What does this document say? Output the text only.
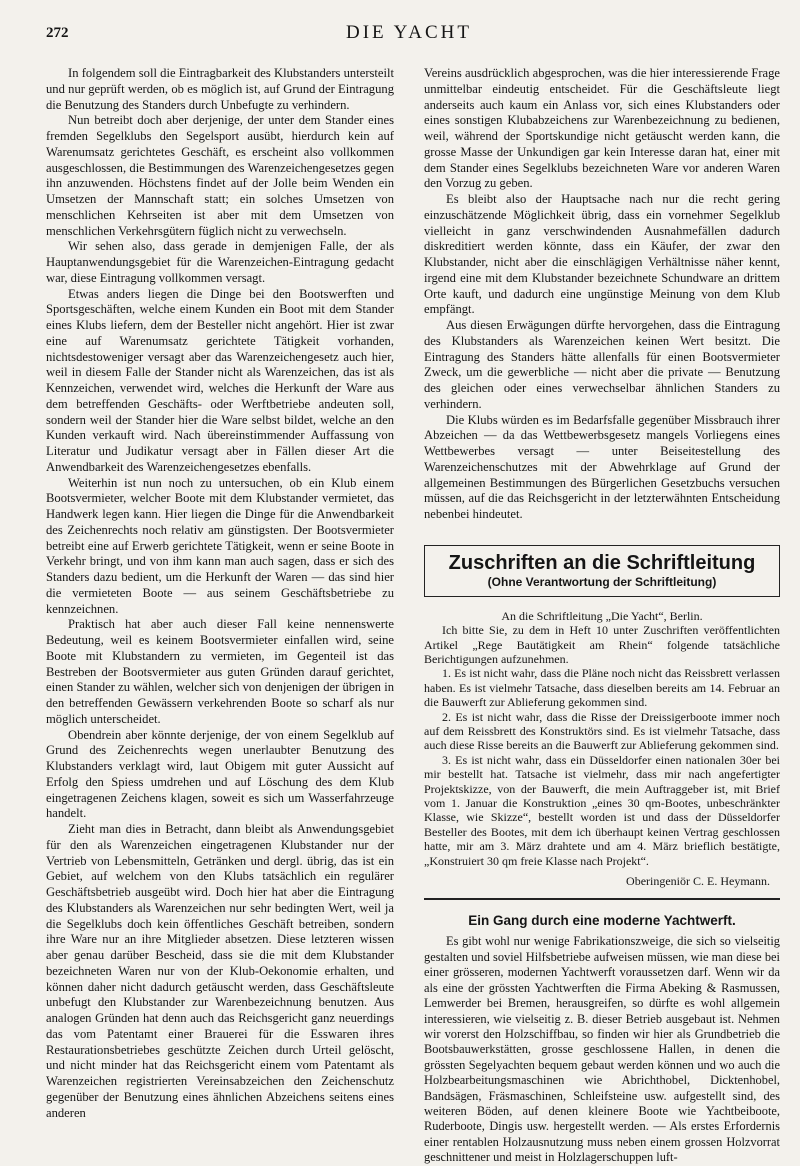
272	DIE YACHT

In folgendem soll die Eintragbarkeit des Klubstanders untersteilt und nur geprüft werden, ob es möglich ist, auf Grund der Eintragung die Benutzung des Standers durch Unbefugte zu verhindern.

Nun betreibt doch aber derjenige, der unter dem Stander eines fremden Segelklubs den Segelsport ausübt, hierdurch kein auf Warenumsatz gerichtetes Geschäft, es erscheint also vollkommen ausgeschlossen, die Bestimmungen des Warenzeichengesetzes gegen ihn anzuwenden. Höchstens findet auf der Jolle beim Wenden ein Umsetzen der Mannschaft statt; ein solches Umsetzen von menschlichen Kehrseiten ist aber mit dem Umsetzen von menschlichen Verkehrsgütern füglich nicht zu verwechseln.

Wir sehen also, dass gerade in demjenigen Falle, der als Hauptanwendungsgebiet für die Warenzeichen-Eintragung gedacht war, diese Eintragung vollkommen versagt.

Etwas anders liegen die Dinge bei den Bootswerften und Sportsgeschäften, welche einem Kunden ein Boot mit dem Stander eines Klubs liefern, dem der Besteller nicht angehört. Hier ist zwar eine auf Warenumsatz gerichtete Tätigkeit vorhanden, nichtsdestoweniger versagt aber das Warenzeichengesetz auch hier, weil in diesem Falle der Stander nicht als Warenzeichen, das ist als Kennzeichen, verwendet wird, welches die Herkunft der Ware aus dem betreffenden Geschäfts- oder Werftbetriebe andeuten soll, sondern weil der Stander hier die Ware selbst bildet, welche an den Kunden verkauft wird. Nach übereinstimmender Auffassung von Literatur und Judikatur versagt aber in Fällen dieser Art die Anwendbarkeit des Warenzeichengesetzes ebenfalls.

Weiterhin ist nun noch zu untersuchen, ob ein Klub einem Bootsvermieter, welcher Boote mit dem Klubstander vermietet, das Handwerk legen kann. Hier liegen die Dinge für die Anwendbarkeit des Zeichenrechts noch relativ am günstigsten. Der Bootsvermieter betreibt eine auf Erwerb gerichtete Tätigkeit, wenn er seine Boote in Verkehr bringt, und von ihm kann man auch sagen, dass er sich des Standers dazu bedient, um die Herkunft der Waren — das sind hier die vermieteten Boote — aus seinem Geschäftsbetriebe zu kennzeichnen.

Praktisch hat aber auch dieser Fall keine nennenswerte Bedeutung, weil es keinem Bootsvermieter einfallen wird, seine Boote mit Klubstandern zu vermieten, im Gegenteil ist das Bestreben der Bootsvermieter aus guten Gründen darauf gerichtet, einen Stander zu wählen, welcher sich von denjenigen der übrigen in den betreffenden Gewässern verkehrenden Boote so scharf als nur möglich unterscheidet.

Obendrein aber könnte derjenige, der von einem Segelklub auf Grund des Zeichenrechts wegen unerlaubter Benutzung des Klubstanders verklagt wird, laut Obigem mit guter Aussicht auf Erfolg den Spiess umdrehen und auf Löschung des dem Klub eingetragenen Zeichens klagen, soweit es sich um Wasserfahrzeuge handelt.

Zieht man dies in Betracht, dann bleibt als Anwendungsgebiet für den als Warenzeichen eingetragenen Klubstander nur der Vertrieb von Lebensmitteln, Getränken und dergl. übrig, das ist ein Gebiet, auf welchem von den Klubs tatsächlich ein regulärer Geschäftsbetrieb ausgeübt wird. Doch hier hat aber die Eintragung des Klubstanders als Warenzeichen nur sehr bedingten Wert, weil ja die Segelklubs doch kein öffentliches Geschäft betreiben, sondern ihre Ware nur an ihre Mitglieder absetzen. Diese letzteren wissen aber genau darüber Bescheid, dass sie die mit dem Klubstander bezeichneten Waren nur von der Klub-Oekonomie erhalten, und können daher nicht dadurch getäuscht werden, dass Geschäftsleute unbefugt den Klubstander zur Warenbezeichnung benutzen. Aus analogen Gründen hat denn auch das Reichsgericht ganz neuerdings das vom Patentamt einer Brauerei für die Esswaren ihres Restaurationsbetriebes geschützte Zeichen durch Urteil gelöscht, und nicht minder hat das Reichsgericht einem vom Patentamt als Warenzeichen registrierten Vereinsabzeichen den Zeichenschutz gegenüber der Benutzung eines ähnlichen Abzeichens seitens eines anderen

Vereins ausdrücklich abgesprochen, was die hier interessierende Frage unmittelbar eindeutig entscheidet. Für die Geschäftsleute liegt anderseits auch kaum ein Anlass vor, sich eines Klubstanders oder eines sonstigen Klubabzeichens zur Warenbezeichnung zu bedienen, weil, während der Sportskundige nicht getäuscht werden kann, die grosse Masse der Unkundigen gar kein Interesse daran hat, einer mit dem Stander eines Segelklubs bezeichneten Ware vor anderen Waren den Vorzug zu geben.

Es bleibt also der Hauptsache nach nur die recht gering einzuschätzende Möglichkeit übrig, dass ein vornehmer Segelklub vielleicht in ganz verschwindenden Ausnahmefällen dadurch diskreditiert werden könnte, dass ein Käufer, der zwar den Klubstander, nicht aber die einschlägigen Verhältnisse näher kennt, irgend eine mit dem Klubstander bezeichnete Schundware an drittem Orte kauft, und dadurch eine ungünstige Meinung von dem Klub empfängt.

Aus diesen Erwägungen dürfte hervorgehen, dass die Eintragung des Klubstanders als Warenzeichen keinen Wert besitzt. Die Eintragung des Standers hätte allenfalls für einen Bootsvermieter Zweck, um die gewerbliche — nicht aber die private — Benutzung des gleichen oder eines verwechselbar ähnlichen Standers zu verhindern.

Die Klubs würden es im Bedarfsfalle gegenüber Missbrauch ihrer Abzeichen — da das Wettbewerbsgesetz mangels Vorliegens eines Wettbewerbes versagt — unter Beiseitestellung des Warenzeichenschutzes mit der Abwehrklage auf Grund der allgemeinen Bestimmungen des Bürgerlichen Gesetzbuchs versuchen müssen, auf die das Reichsgericht in der letzterwähnten Entscheidung nebenbei hindeutet.

Zuschriften an die Schriftleitung
(Ohne Verantwortung der Schriftleitung)

An die Schriftleitung „Die Yacht“, Berlin.

Ich bitte Sie, zu dem in Heft 10 unter Zuschriften veröffentlichten Artikel „Rege Bautätigkeit am Rhein“ folgende tatsächliche Berichtigungen aufzunehmen.

1. Es ist nicht wahr, dass die Pläne noch nicht das Reissbrett verlassen haben. Es ist vielmehr Tatsache, dass dieselben bereits am 14. Februar an die Bauwerft zur Ablieferung gekommen sind.

2. Es ist nicht wahr, dass die Risse der Dreissigerboote immer noch auf dem Reissbrett des Konstruktörs sind. Es ist vielmehr Tatsache, dass auch diese Risse bereits an die Bauwerft zur Ablieferung gekommen sind.

3. Es ist nicht wahr, dass ein Düsseldorfer einen nationalen 30er bei mir bestellt hat. Tatsache ist vielmehr, dass mir nach angefertigter Projektskizze, von der Bauwerft, die mein Auftraggeber ist, mit Brief vom 1. Januar die Konstruktion „eines 30 qm-Bootes, unbeschränkter Klasse, wie Skizze“, bestellt worden ist und dass der Düsseldorfer Besteller des Bootes, mit dem ich überhaupt keinen Vertrag geschlossen hatte, mir am 3. März drahtete und am 4. März brieflich bestätigte, „Konstruiert 30 qm freie Klasse nach Projekt“.

Oberingeniör C. E. Heymann.

Ein Gang durch eine moderne Yachtwerft.

Es gibt wohl nur wenige Fabrikationszweige, die sich so vielseitig gestalten und soviel Hilfsbetriebe aufweisen müssen, wie man diese bei einer grösseren, modernen Yachtwerft voraussetzen darf. Wenn wir da als eine der grössten Yachtwerften die Firma Abeking & Rasmussen, Lemwerder bei Bremen, herausgreifen, so dürfte es wohl allgemein interessieren, wie vielseitig z. B. dieser Betrieb ausgebaut ist. Nehmen wir vorerst den Holzschiffbau, so finden wir hier als Grundbetrieb die Bootsbauwerkstätten, grosse geschlossene Hallen, in denen die grössten Segelyachten bequem gebaut werden können und wo auch die Holzbearbeitungsmaschinen wie Abrichthobel, Dicktenhobel, Bandsägen, Fräsmaschinen, Schleifsteine usw. aufgestellt sind, des weiteren Böden, auf denen kleinere Boote wie Yachtbeiboote, Ruderboote, Dingis usw. hergestellt werden. — Als erstes Erfordernis einer rentablen Holzausnutzung muss neben einem grossen Holzvorrat geschnittener und meist in Holzlagerschuppen luft-
